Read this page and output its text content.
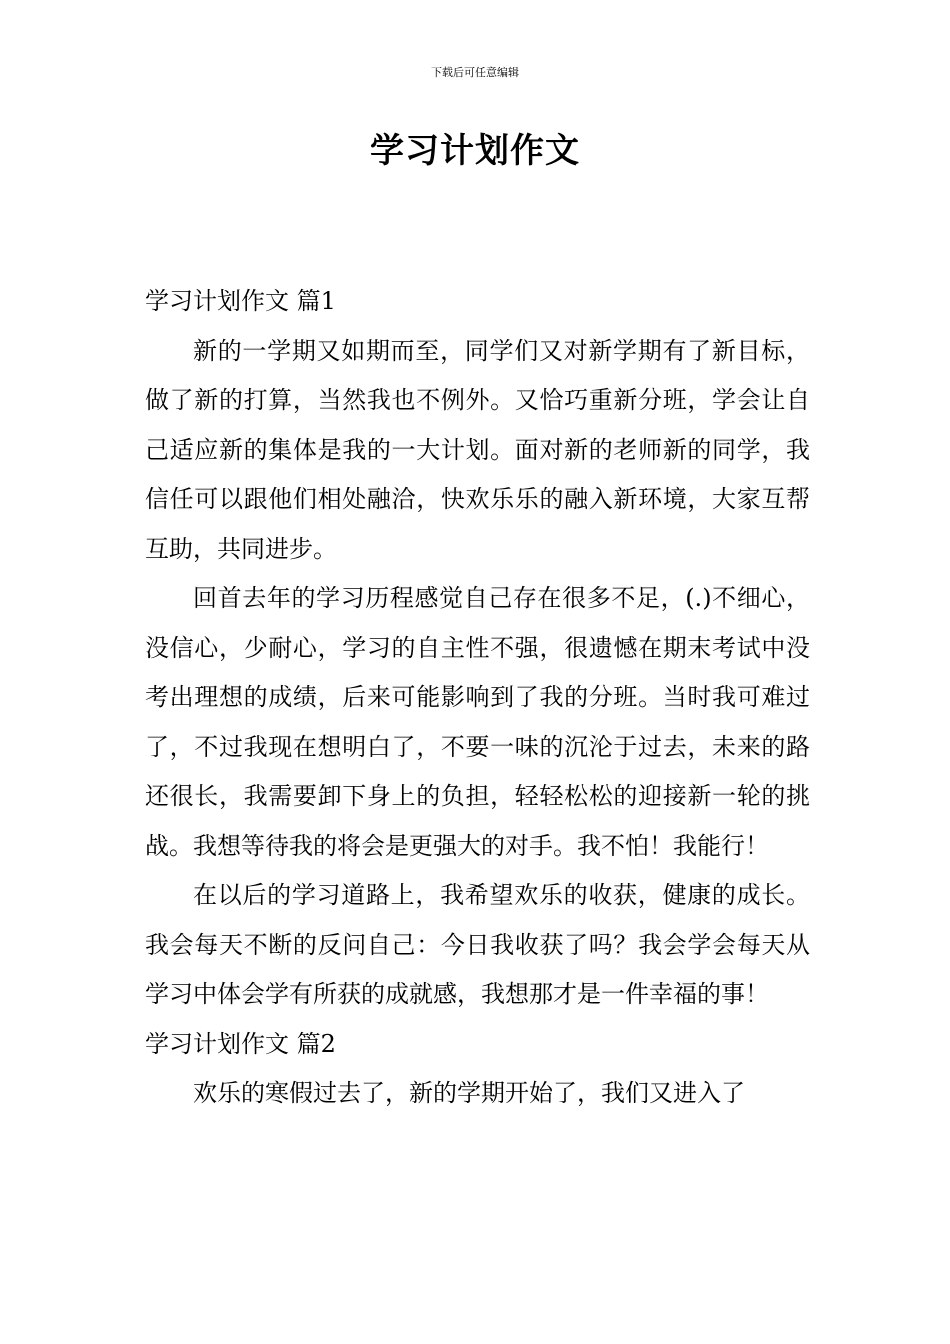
下载后可任意编辑
学习计划作文

学习计划作文 篇1

新的一学期又如期而至，同学们又对新学期有了新目标，做了新的打算，当然我也不例外。又恰巧重新分班，学会让自己适应新的集体是我的一大计划。面对新的老师新的同学，我信任可以跟他们相处融洽，快欢乐乐的融入新环境，大家互帮互助，共同进步。

回首去年的学习历程感觉自己存在很多不足，(.)不细心，没信心，少耐心，学习的自主性不强，很遗憾在期末考试中没考出理想的成绩，后来可能影响到了我的分班。当时我可难过了，不过我现在想明白了，不要一味的沉沦于过去，未来的路还很长，我需要卸下身上的负担，轻轻松松的迎接新一轮的挑战。我想等待我的将会是更强大的对手。我不怕！我能行！

在以后的学习道路上，我希望欢乐的收获，健康的成长。我会每天不断的反问自己：今日我收获了吗？我会学会每天从学习中体会学有所获的成就感，我想那才是一件幸福的事！

学习计划作文 篇2

欢乐的寒假过去了，新的学期开始了，我们又进入了
